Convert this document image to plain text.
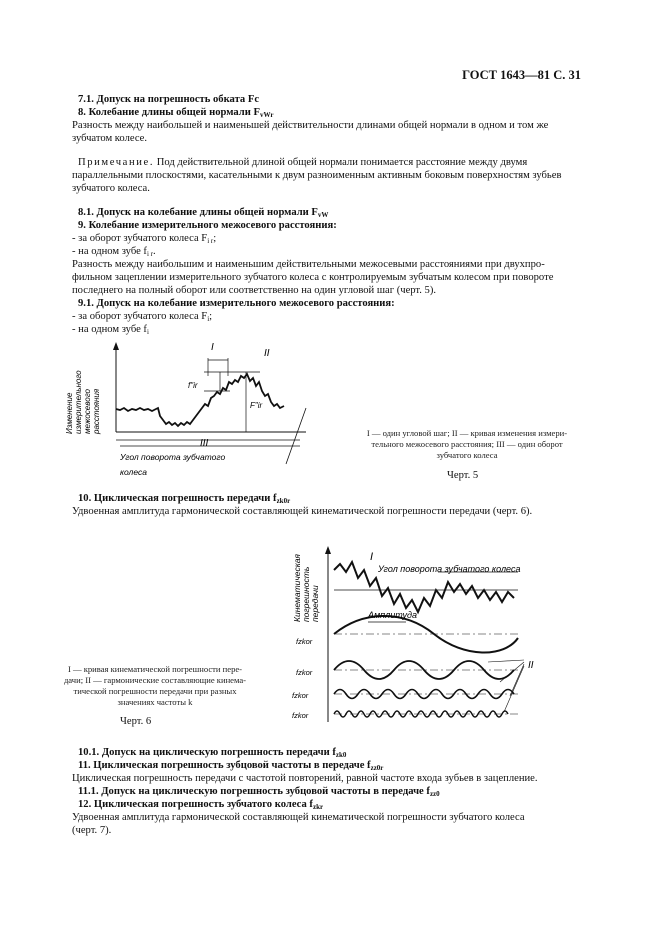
ГОСТ 1643—81 С. 31
7.1. Допуск на погрешность обката Fc
8. Колебание длины общей нормали $F_{vWr}$
Разность между наибольшей и наименьшей действительности длинами общей нормали в одном и том же
зубчатом колесе.
Примечание. Под действительной длиной общей нормали понимается расстояние между двумя
параллельными плоскостями, касательными к двум разноименным активным боковым поверхностям зубьев
зубчатого колеса.
8.1. Допуск на колебание длины общей нормали $F_{vW}$
9. Колебание измерительного межосевого расстояния:
- за оборот зубчатого колеса $F_{i r}$;
- на одном зубе $f_{i r}$.
Разность между наибольшим и наименьшим действительными межосевыми расстояниями при двухпро-
фильном зацеплении измерительного зубчатого колеса с контролируемым зубчатым колесом при повороте
последнего на полный оборот или соответственно на один угловой шаг (черт. 5).
9.1. Допуск на колебание измерительного межосевого расстояния:
- за оборот зубчатого колеса $F_i$;
- на одном зубе $f_i$
I
II
III
f"ir
F"ir
Угол поворота зубчатого
колеса
Изменение измерительного межосевого расстояния	I — один угловой шаг; II — кривая изменения измери-
тельного межосевого расстояния; III — один оборот
зубчатого колеса
Черт. 5
10. Циклическая погрешность передачи $f_{zk0r}$
Удвоенная амплитуда гармонической составляющей кинематической погрешности передачи (черт. 6).
I
Угол поворота зубчатого колеса
Амплитуда
II
fzkor
fzkor
fzkor
fzkor
Кинематическая погрешность передачи
I — кривая кинематической погрешности пере-
дачи; II — гармонические составляющие кинема-
тической погрешности передачи при разных
значениях частоты k
Черт. 6
10.1. Допуск на циклическую погрешность передачи $f_{zk0}$
11. Циклическая погрешность зубцовой частоты в передаче $f_{zz0r}$
Циклическая погрешность передачи с частотой повторений, равной частоте входа зубьев в зацепление.
11.1. Допуск на циклическую погрешность зубцовой частоты в передаче $f_{zz0}$
12. Циклическая погрешность зубчатого колеса $f_{zkr}$
Удвоенная амплитуда гармонической составляющей кинематической погрешности зубчатого колеса
(черт. 7).
